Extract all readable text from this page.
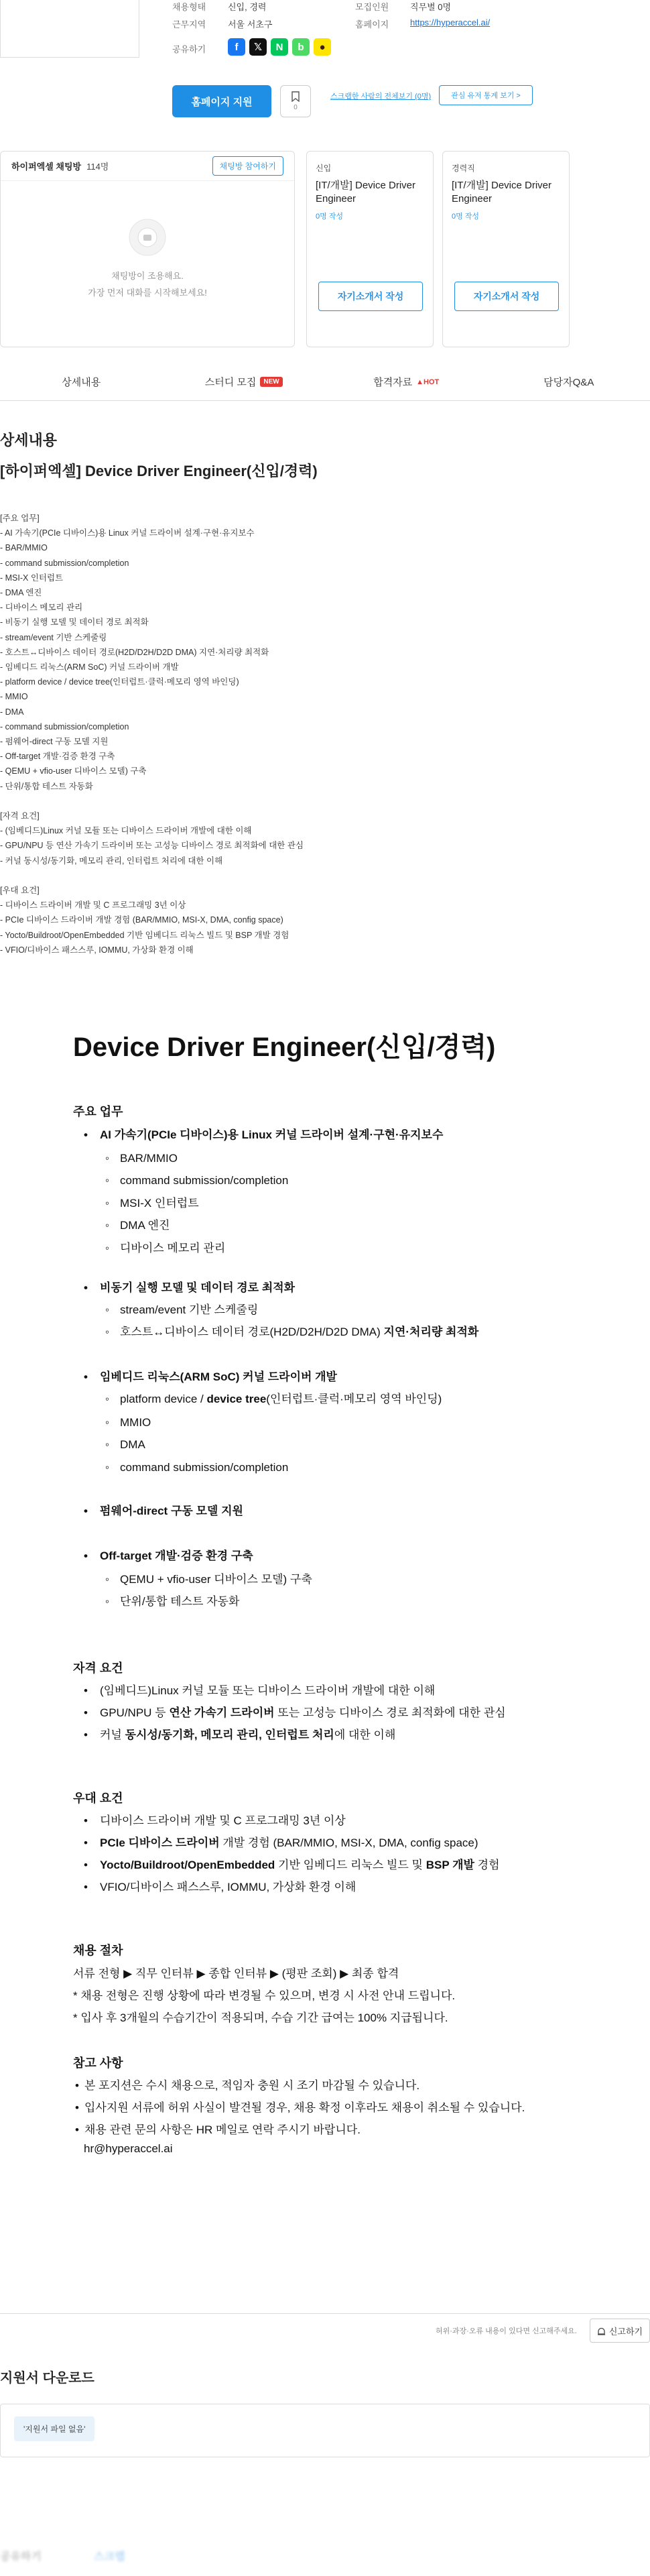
채용형태	신입, 경력	모집인원 직무별 0명
근무지역	서울 서초구	홈페이지 https://hyperaccel.ai/
공유하기	f	𝕏	N	b	●
홈페이지 지원	0
스크랩한 사람의 전체보기 (0명)	관심 유저 통계 보기 >
하이퍼엑셀 채팅방 114명	채팅방 참여하기
채팅방이 조용해요.
가장 먼저 대화를 시작해보세요!
신입
[IT/개발] Device Driver Engineer
0명 작성
자기소개서 작성
경력직
[IT/개발] Device Driver Engineer
0명 작성
자기소개서 작성
상세내용	스터디 모집	NEW	합격자료 ▲HOT	담당자Q&A
상세내용
[하이퍼엑셀] Device Driver Engineer(신입/경력)
[주요 업무]
- AI 가속기(PCIe 디바이스)용 Linux 커널 드라이버 설계·구현·유지보수
- BAR/MMIO
- command submission/completion
- MSI-X 인터럽트
- DMA 엔진
- 디바이스 메모리 관리
- 비동기 실행 모델 및 데이터 경로 최적화
- stream/event 기반 스케줄링
- 호스트↔디바이스 데이터 경로(H2D/D2H/D2D DMA) 지연·처리량 최적화
- 임베디드 리눅스(ARM SoC) 커널 드라이버 개발
- platform device / device tree(인터럽트·클럭·메모리 영역 바인딩)
- MMIO
- DMA
- command submission/completion
- 펌웨어-direct 구동 모델 지원
- Off-target 개발·검증 환경 구축
- QEMU + vfio-user 디바이스 모델) 구축
- 단위/통합 테스트 자동화
[자격 요건]
- (임베디드)Linux 커널 모듈 또는 디바이스 드라이버 개발에 대한 이해
- GPU/NPU 등 연산 가속기 드라이버 또는 고성능 디바이스 경로 최적화에 대한 관심
- 커널 동시성/동기화, 메모리 관리, 인터럽트 처리에 대한 이해
[우대 요건]
- 디바이스 드라이버 개발 및 C 프로그래밍 3년 이상
- PCIe 디바이스 드라이버 개발 경험 (BAR/MMIO, MSI-X, DMA, config space)
- Yocto/Buildroot/OpenEmbedded 기반 임베디드 리눅스 빌드 및 BSP 개발 경험
- VFIO/디바이스 패스스루, IOMMU, 가상화 환경 이해
Device Driver Engineer(신입/경력)
주요 업무
• AI 가속기(PCIe 디바이스)용 Linux 커널 드라이버 설계·구현·유지보수
◦ BAR/MMIO
◦ command submission/completion
◦ MSI-X 인터럽트
◦ DMA 엔진
◦ 디바이스 메모리 관리
• 비동기 실행 모델 및 데이터 경로 최적화
◦ stream/event 기반 스케줄링
◦ 호스트↔디바이스 데이터 경로(H2D/D2H/D2D DMA) 지연·처리량 최적화
• 임베디드 리눅스(ARM SoC) 커널 드라이버 개발
◦ platform device / device tree(인터럽트·클럭·메모리 영역 바인딩)
◦ MMIO
◦ DMA
◦ command submission/completion
• 펌웨어-direct 구동 모델 지원
• Off-target 개발·검증 환경 구축
◦ QEMU + vfio-user 디바이스 모델) 구축
◦ 단위/통합 테스트 자동화
자격 요건
• (임베디드)Linux 커널 모듈 또는 디바이스 드라이버 개발에 대한 이해
• GPU/NPU 등 연산 가속기 드라이버 또는 고성능 디바이스 경로 최적화에 대한 관심
• 커널 동시성/동기화, 메모리 관리, 인터럽트 처리에 대한 이해
우대 요건
• 디바이스 드라이버 개발 및 C 프로그래밍 3년 이상
• PCIe 디바이스 드라이버 개발 경험 (BAR/MMIO, MSI-X, DMA, config space)
• Yocto/Buildroot/OpenEmbedded 기반 임베디드 리눅스 빌드 및 BSP 개발 경험
• VFIO/디바이스 패스스루, IOMMU, 가상화 환경 이해
채용 절차
서류 전형 ▶ 직무 인터뷰 ▶ 종합 인터뷰 ▶ (평판 조회) ▶ 최종 합격
* 채용 전형은 진행 상황에 따라 변경될 수 있으며, 변경 시 사전 안내 드립니다.
* 입사 후 3개월의 수습기간이 적용되며, 수습 기간 급여는 100% 지급됩니다.
참고 사항
• 본 포지션은 수시 채용으로, 적임자 충원 시 조기 마감될 수 있습니다.
• 입사지원 서류에 허위 사실이 발견될 경우, 채용 확정 이후라도 채용이 취소될 수 있습니다.
• 채용 관련 문의 사항은 HR 메일로 연락 주시기 바랍니다.
hr@hyperaccel.ai
허위·과장·오류 내용이 있다면 신고해주세요.	신고하기
지원서 다운로드
'지원서 파일 없음'
공유하기	스크랩
